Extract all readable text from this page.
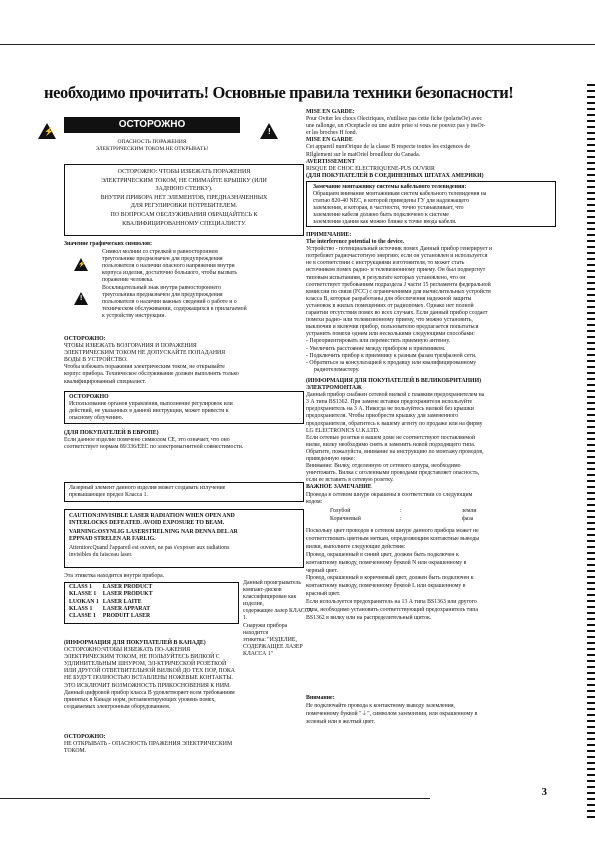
необходимо прочитать! Основные правила техники безопасности!
⚡
ОСТОРОЖНО
ОПАСНОСТЬ ПОРАЖЕНИЯ
ЭЛЕКТРИЧЕСКИМ ТОКОМ.НЕ ОТКРЫВАТЬ!
!
ОСТОРОЖНО: ЧТОБЫ ИЗБЕЖАТЬ ПОРАЖЕНИЯ
ЭЛЕКТРИЧЕСКИМ ТОКОМ, НЕ СНИМАЙТЕ КРЫШКУ (ИЛИ
ЗАДНЮЮ СТЕНКУ).
ВНУТРИ ПРИБОРА НЕТ ЭЛЕМЕНТОВ, ПРЕДНАЗНАЧЕННЫХ
ДЛЯ РЕГУЛИРОВКИ ПОТРЕБИТЕЛЕМ.
ПО ВОПРОСАМ ОБСЛУЖИВАНИЯ ОБРАЩАЙТЕСЬ К
КВАЛИФИЦИРОВАННОМУ СПЕЦИАЛИСТУ.
Значение графических символов:
⚡
Символ молнии со стрелкой в равностороннем
треугольнике предназначен для предупреждения
пользователя о наличии опасного напряжения внутри
корпуса изделия, достаточно большого, чтобы вызвать
поражение человека.
!
Восклицательный знак внутри равностороннего
треугольника предназначен для предупреждения
пользователя о наличии важных сведений о работе и о
техническом обслуживании, содержащихся в прилагаемой
к устройству инструкции.
ОСТОРОЖНО:
ЧТОБЫ ИЗБЕЖАТЬ ВОЗГОРАНИЯ И ПОРАЖЕНИЯ
ЭЛЕКТРИЧЕСКИМ ТОКОМ НЕ ДОПУСКАЙТЕ ПОПАДАНИЯ
ВОДЫ В УСТРОЙСТВО.
Чтобы избежать поражения электрическим током, не открывайте
корпус прибора. Техническое обслуживание должен выполнять только
квалифицированный специалист.
ОСТОРОЖНО
Использование органов управления, выполнение регулировок или
действий, не указанных в данной инструкции, может привести к
опасному облучению.
(ДЛЯ ПОКУПАТЕЛЕЙ В ЕВРОПЕ)
Если данное изделие помечено символом СЕ, это означает, что оно
соответствует нормам 89/336/EEC по электромагнитной совместимости.
Лазерный элемент данного изделия может создавать излучение
превышающее предел Класса 1.
CAUTION:INVISIBLE LASER RADIATION WHEN OPEN AND
INTERLOCKS DEFEATED. AVOID EXPOSURE TO BEAM.
VARNING:OSYNLIG LASERSTRELNING NAR DENNA DEL AR
EPPNAD STRELEN AR FARLIG.
Attention:Quand l'appareil est ouvert, ne pas s'exposer aux radiations
invisibles du faisceau laser.
Эта этикетка находится внутри прибора.
CLASS 1	LASER PRODUCT
KLASSE 1	LASER PRODUKT
LUOKAN 1	LASER LAITE
KLASS 1	LASER APPARAT
CLASSE 1	PRODUIT LASER
Данный проигрыватель
компакт-дисков
классифицирован как изделие,
содержащее лазер КЛАССА 1.
Снаружи прибора находится
этикетка: "ИЗДЕЛИЕ,
СОДЕРЖАЩЕЕ ЛАЗЕР
КЛАССА 1"
(ИНФОРМАЦИЯ ДЛЯ ПОКУПАТЕЛЕЙ В КАНАДЕ)
ОСТОРОЖНО:ЧТОБЫ ИЗБЕЖАТЬ ПО-АЖЕНИЯ
ЭЛЕКТРИЧЕСКИМ ТОКОМ, НЕ ПОЛЬЗУЙТЕСЬ ВИЛКОЙ С
УДЛИНИТЕЛЬНЫМ ШНУРОМ, ЭЛ-КТРИЧЕСКОЙ РОЗЕТКОЙ
ИЛИ ДРУГОЙ ОТВЕТВИТЕЛЬНОЙ ВИЛКОЙ ДО ТЕХ ПОР, ПОКА
НЕ БУДУТ ПОЛНОСТЬЮ ВСТАВЛЕНЫ НОЖЕВЫЕ КОНТАКТЫ.
ЭТО ИСКЛЮЧИТ ВОЗМОЖНОСТЬ ПРИКОСНОВЕНИЯ К НИМ.
Данный цифровой прибор класса В удовлетворяет всем требованиям
принятых в Канаде норм, регламентирующих уровень помех,
создаваемых электронным оборудованием.
ОСТОРОЖНО:
НЕ ОТКРЫВАТЬ - ОПАСНОСТЬ ПРАЖЕНИЯ ЭЛЕКТРИЧЕСКИМ
ТОКОМ.
MISE EN GARDE:
Pour Oviter les chocs Olectriques, n'utilisez pas cette fiche (polarisOe) avec
une rallonge, un rOceptacle ou une autre prise si vous ne pouvez pas y insOr-
er les broches H fond.
MISE EN GARDE
Cet appareil numOrique de la classe B respecte toutes les exigences de
RIlglement sur le matOriel brouilleur du Canada.
AVERTISSEMENT
RISQUE DE CHOC ELECTRIQUENE-PUS OUVRIR
(ДЛЯ ПОКУПАТЕЛЕЙ В СОЕДИНЕННЫХ ШТАТАХ АМЕРИКИ)
Замечание монтажнику системы кабельного телевидения:
Обращаем внимание монтажникам систем кабельного телевидения на
статью 820-40 NEC, в которой приведены ГУ для надлежащего
заземления, и которая, в частности, точно устанавливает, что
заземление кабеля должно быть подключено к системе
заземления здания как можно ближе к точке ввода кабеля.
ПРИМЕЧАНИЕ:
The interference potential to the device.
Устройство - потенциальный источник помех Данный прибор генерирует и
потребляет радиочастотную энергию; если он установлен и используется
не в соответствии с инструкциями изготовителя, то может стать
источником помех радио- и телевизионному приему. Он был подвергнут
типовым испытаниям, в результате которых установлено, что он
соответствует требованиям подраздела J части 15 регламента федеральной
комиссии по связи (FCC) с ограничениями для вычислительных устройств
класса В, которые разработаны для обеспечения надежной защиты
установок в жилых помещениях от радиопомех. Однако нет полной
гарантии отсутствия помех во всех случаях. Если данный прибор создает
помехи радио- или телевизионному приему, что можно установить,
выключив и включив прибор, пользователю предлагается попытаться
устранить помехи одним или несколькими следующими способами:
- Переориентировать или переместить приемную антенну.
- Увеличить расстояние между прибором и приемником.
- Подключить прибор к приемнику к разным фазам трехфазной сети.
- Обратиться за консультацией к продавцу или квалифицированному
радиотелемастеру.
(ИНФОРМАЦИЯ ДЛЯ ПОКУПАТЕЛЕЙ В ВЕЛИКОБРИТАНИИ)
ЭЛЕКТРОМОНТАЖ
Данный прибор снабжен сетевой вилкой с плавким предохранителем на
3 А типа BS1362. При замене вставки предохранителя используйте
предохранитель на 3 А. Никогда не пользуйтесь вилкой без крышки
предохранителя. Чтобы приобрести крышку для замененного
предохранителя, обратитесь к вашему агенту по продаже или на фирму
LG ELECTRONICS U.K.LTD.
Если сетевые розетки в вашем доме не соответствуют поставляемой
вилке, вилку необходимо снять и заменить новой подходящего типа.
Обратите, пожалуйста, внимание на инструкцию по монтажу проводов,
приведенную ниже:
Внимание: Вилку, отделенную от сетевого шнура, необходимо
уничтожить. Вилка с оголенными проводами представляет опасность,
если ее вставить в сетевую розетку.
ВАЖНОЕ ЗАМЕЧАНИЕ
Провода в сетевом шнуре окрашены в соответствии со следующим
кодом:
Голубой	:	земли
Коричневый	:	фаза
Поскольку цвет проводов в сетевом шнуре данного прибора может не
соответствовать цветным меткам, определяющим контактные выводы
вилки, выполните следующие действия:
Провод, окрашенный в синий цвет, должен быть подключен к
контактному выводу, помеченному буквой N или окрашенному в
черный цвет.
Провод, окрашенный в коричневый цвет, должен быть подключен к
контактному выводу, помеченному буквой L или окрашенному в
красный цвет.
Если используется предохранитель на 13 А типа BS1363 или другого
типа, необходимо установить соответствующий предохранитель типа
BS1362 в вилку или на распределительный щиток.
Внимание:
Не подключайте провода к контактному выводу заземления,
помеченному буквой "⏚", символом заземления, или окрашенному в
зеленый или в желтый цвет.
3
